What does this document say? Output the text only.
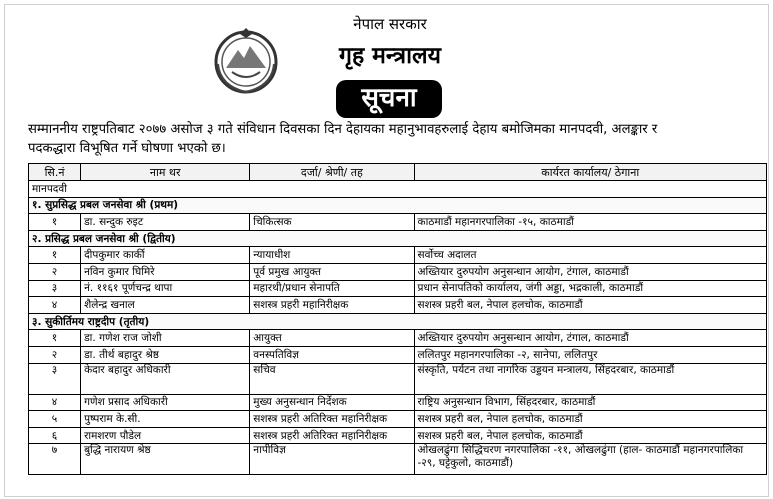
नेपाल सरकार
गृह मन्त्रालय
सूचना
सम्माननीय राष्ट्रपतिबाट २०७७ असोज ३ गते संविधान दिवसका दिन देहायका महानुभावहरुलाई देहाय बमोजिमका मानपदवी, अलङ्कार र
पदकद्धारा विभूषित गर्ने घोषणा भएको छ।
सि.नं	नाम थर	दर्जा/ श्रेणी/ तह	कार्यरत कार्यालय/ ठेगाना
मानपदवी			
१. सुप्रसिद्ध प्रबल जनसेवा श्री (प्रथम)			
१	डा. सन्दुक रुइट	चिकित्सक	काठमाडौं महानगरपालिका -१५, काठमाडौं
२. प्रसिद्ध प्रबल जनसेवा श्री (द्वितीय)			
१	दीपकुमार कार्की	न्यायाधीश	सर्वोच्च अदालत
२	नविन कुमार घिमिरे	पूर्व प्रमुख आयुक्त	अख्तियार दुरुपयोग अनुसन्धान आयोग, टंगाल, काठमाडौं
३	नं. ११६१ पूर्णचन्द्र थापा	महारथी/प्रधान सेनापति	प्रधान सेनापतिको कार्यालय, जंगी अड्डा, भद्रकाली, काठमाडौं
४	शैलेन्द्र खनाल	सशस्त्र प्रहरी महानिरीक्षक	सशस्त्र प्रहरी बल, नेपाल हलचोक, काठमाडौं
३. सुकीर्तिमय राष्ट्रदीप (तृतीय)			
१	डा. गणेश राज जोशी	आयुक्त	अख्तियार दुरुपयोग अनुसन्धान आयोग, टंगाल, काठमाडौं
२	डा. तीर्थ बहादुर श्रेष्ठ	वनस्पतिविज्ञ	ललितपुर महानगरपालिका -२, सानेपा, ललितपुर
३	केदार बहादुर अधिकारी	सचिव	संस्कृति, पर्यटन तथा नागरिक उड्डयन मन्त्रालय, सिंहदरबार, काठमाडौं
४	गणेश प्रसाद अधिकारी	मुख्य अनुसन्धान निर्देशक	राष्ट्रिय अनुसन्धान विभाग, सिंहदरबार, काठमाडौं
५	पुष्पराम के.सी.	सशस्त्र प्रहरी अतिरिक्त महानिरीक्षक	सशस्त्र प्रहरी बल, नेपाल हलचोक, काठमाडौं
६	रामशरण पौडेल	सशस्त्र प्रहरी अतिरिक्त महानिरीक्षक	सशस्त्र प्रहरी बल, नेपाल हलचोक, काठमाडौं
७	बुद्धि नारायण श्रेष्ठ	नापीविज्ञ	ओखलढुंगा सिद्धिचरण नगरपालिका -११, ओखलढुंगा (हाल- काठमाडौं महानगरपालिका -२९, घट्टेकुलो, काठमाडौं)
